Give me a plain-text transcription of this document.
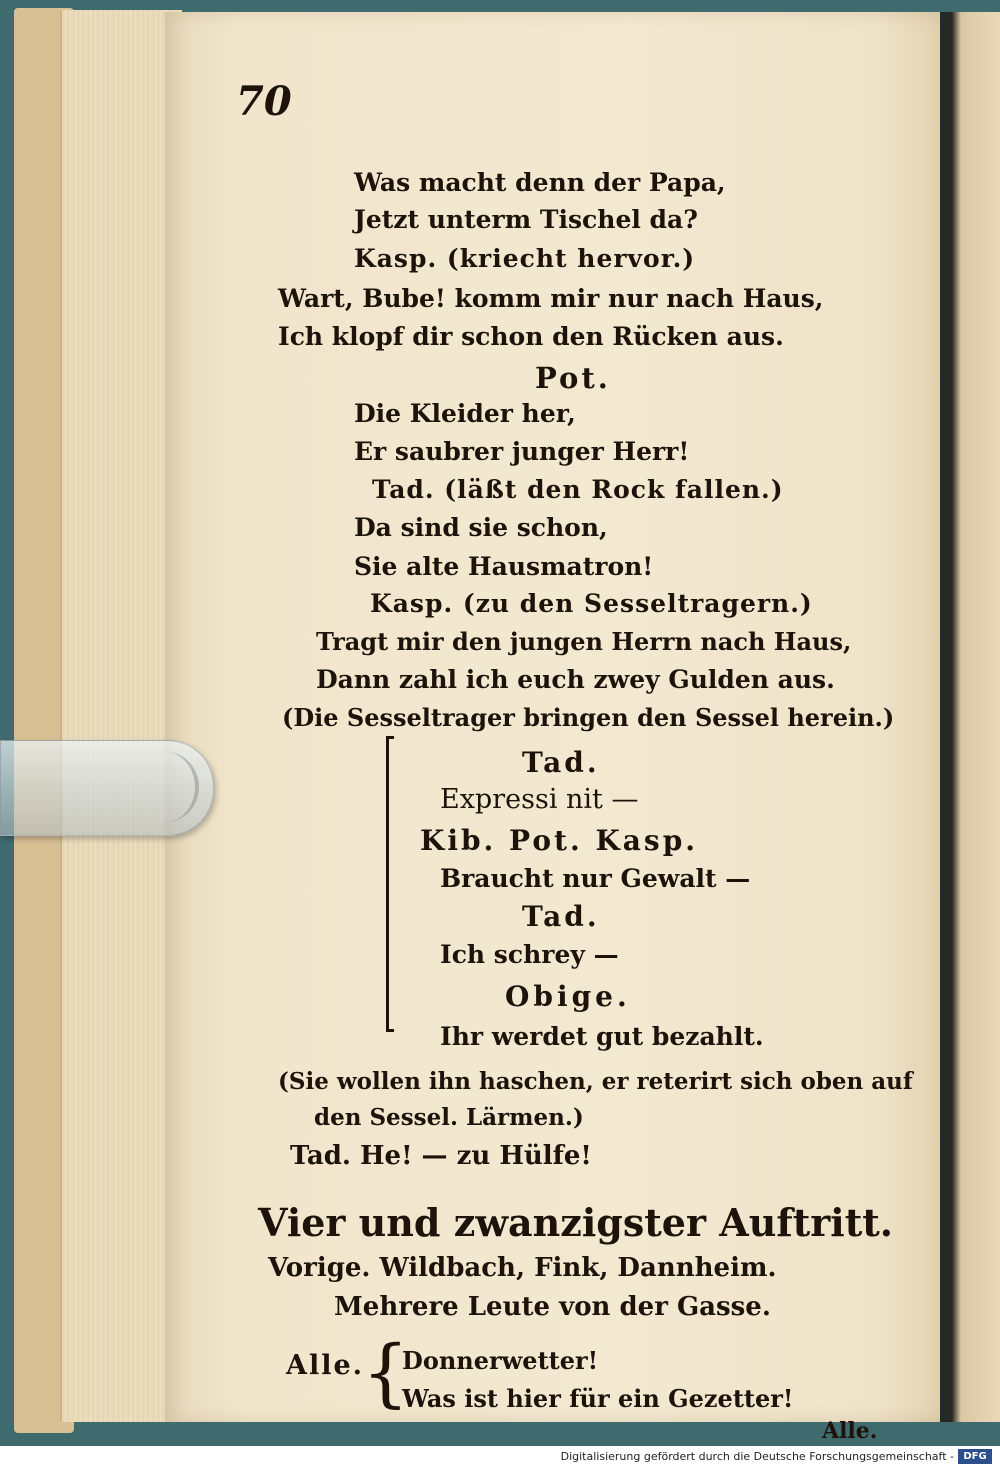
70
Was macht denn der Papa,
Jetzt unterm Tischel da?
Kasp. (kriecht hervor.)
Wart, Bube! komm mir nur nach Haus,
Ich klopf dir schon den Rücken aus.
Pot.
Die Kleider her,
Er saubrer junger Herr!
Tad. (läßt den Rock fallen.)
Da sind sie schon,
Sie alte Hausmatron!
Kasp. (zu den Sesseltragern.)
Tragt mir den jungen Herrn nach Haus,
Dann zahl ich euch zwey Gulden aus.
(Die Sesseltrager bringen den Sessel herein.)
Tad.
Expressi nit —
Kib. Pot. Kasp.
Braucht nur Gewalt —
Tad.
Ich schrey —
Obige.
Ihr werdet gut bezahlt.
(Sie wollen ihn haschen, er reterirt sich oben auf
den Sessel. Lärmen.)
Tad. He! — zu Hülfe!
Vier und zwanzigster Auftritt.
Vorige. Wildbach, Fink, Dannheim.
Mehrere Leute von der Gasse.
Alle.
{
Donnerwetter!
Was ist hier für ein Gezetter!
Alle.
Digitalisierung gefördert durch die Deutsche Forschungsgemeinschaft - DFG
